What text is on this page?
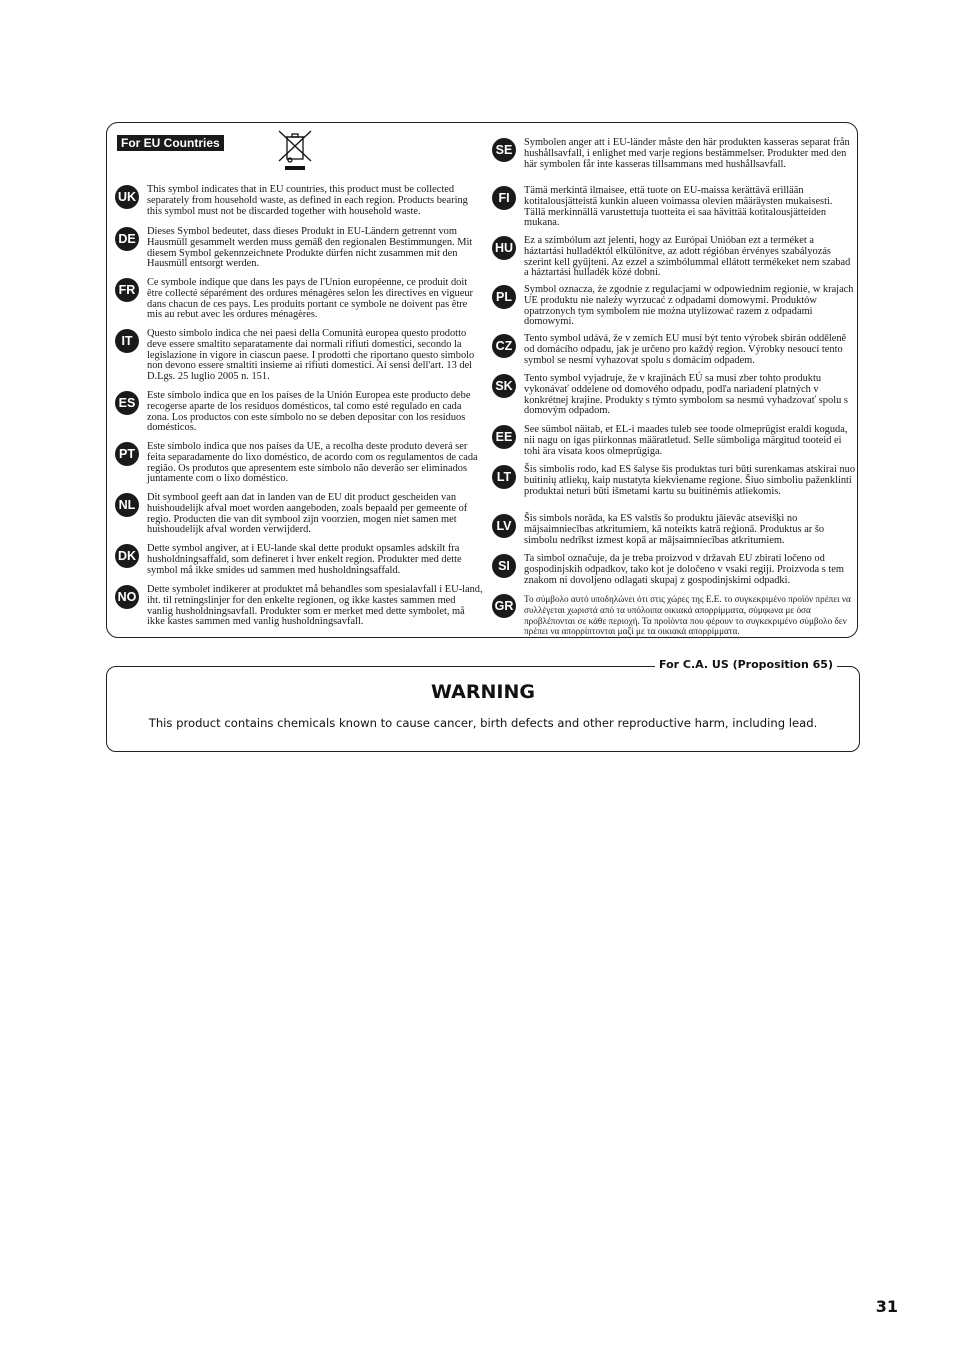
For EU Countries
UK
This symbol indicates that in EU countries, this product must be collected separately from household waste, as defined in each region. Products bearing this symbol must not be discarded together with household waste.
DE
Dieses Symbol bedeutet, dass dieses Produkt in EU-Ländern getrennt vom Hausmüll gesammelt werden muss gemäß den regionalen Bestimmungen. Mit diesem Symbol gekennzeichnete Produkte dürfen nicht zusammen mit den Hausmüll entsorgt werden.
FR
Ce symbole indique que dans les pays de l'Union européenne, ce produit doit être collecté séparément des ordures ménagères selon les directives en vigueur dans chacun de ces pays. Les produits portant ce symbole ne doivent pas être mis au rebut avec les ordures ménagères.
IT
Questo simbolo indica che nei paesi della Comunità europea questo prodotto deve essere smaltito separatamente dai normali rifiuti domestici, secondo la legislazione in vigore in ciascun paese. I prodotti che riportano questo simbolo non devono essere smaltiti insieme ai rifiuti domestici. Ai sensi dell'art. 13 del D.Lgs. 25 luglio 2005 n. 151.
ES
Este símbolo indica que en los países de la Unión Europea este producto debe recogerse aparte de los residuos domésticos, tal como esté regulado en cada zona. Los productos con este símbolo no se deben depositar con los residuos domésticos.
PT
Este símbolo indica que nos países da UE, a recolha deste produto deverá ser feita separadamente do lixo doméstico, de acordo com os regulamentos de cada região. Os produtos que apresentem este símbolo não deverão ser eliminados juntamente com o lixo doméstico.
NL
Dit symbool geeft aan dat in landen van de EU dit product gescheiden van huishoudelijk afval moet worden aangeboden, zoals bepaald per gemeente of regio. Producten die van dit symbool zijn voorzien, mogen niet samen met huishoudelijk afval worden verwijderd.
DK
Dette symbol angiver, at i EU-lande skal dette produkt opsamles adskilt fra husholdningsaffald, som defineret i hver enkelt region. Produkter med dette symbol må ikke smides ud sammen med husholdningsaffald.
NO
Dette symbolet indikerer at produktet må behandles som spesialavfall i EU-land, iht. til retningslinjer for den enkelte regionen, og ikke kastes sammen med vanlig husholdningsavfall. Produkter som er merket med dette symbolet, må ikke kastes sammen med vanlig husholdningsavfall.
SE
Symbolen anger att i EU-länder måste den här produkten kasseras separat från hushållsavfall, i enlighet med varje regions bestämmelser. Produkter med den här symbolen får inte kasseras tillsammans med hushållsavfall.
FI
Tämä merkintä ilmaisee, että tuote on EU-maissa kerättävä erillään kotitalousjätteistä kunkin alueen voimassa olevien määräysten mukaisesti. Tällä merkinnällä varustettuja tuotteita ei saa hävittää kotitalousjätteiden mukana.
HU
Ez a szimbólum azt jelenti, hogy az Európai Unióban ezt a terméket a háztartási hulladéktól elkülönítve, az adott régióban érvényes szabályozás szerint kell gyűjteni. Az ezzel a szimbólummal ellátott termékeket nem szabad a háztartási hulladék közé dobni.
PL
Symbol oznacza, że zgodnie z regulacjami w odpowiednim regionie, w krajach UE produktu nie należy wyrzucać z odpadami domowymi. Produktów opatrzonych tym symbolem nie można utylizować razem z odpadami domowymi.
CZ
Tento symbol udává, že v zemích EU musí být tento výrobek sbírán odděleně od domácího odpadu, jak je určeno pro každý region. Výrobky nesoucí tento symbol se nesmí vyhazovat spolu s domácím odpadem.
SK
Tento symbol vyjadruje, že v krajinách EÚ sa musí zber tohto produktu vykonávať oddelene od domového odpadu, podľa nariadení platných v konkrétnej krajine. Produkty s týmto symbolom sa nesmú vyhadzovať spolu s domovým odpadom.
EE
See sümbol näitab, et EL-i maades tuleb see toode olmeprügist eraldi koguda, nii nagu on igas piirkonnas määratletud. Selle sümboliga märgitud tooteid ei tohi ära visata koos olmeprügiga.
LT
Šis simbolis rodo, kad ES šalyse šis produktas turi būti surenkamas atskirai nuo buitinių atliekų, kaip nustatyta kiekviename regione. Šiuo simboliu paženklinti produktai neturi būti išmetami kartu su buitinėmis atliekomis.
LV
Šis simbols norāda, ka ES valstīs šo produktu jāievāc atsevišķi no mājsaimniecības atkritumiem, kā noteikts katrā reģionā. Produktus ar šo simbolu nedrīkst izmest kopā ar mājsaimniecības atkritumiem.
SI
Ta simbol označuje, da je treba proizvod v državah EU zbirati ločeno od gospodinjskih odpadkov, tako kot je določeno v vsaki regiji. Proizvoda s tem znakom ni dovoljeno odlagati skupaj z gospodinjskimi odpadki.
GR Το σύμβολο αυτό υποδηλώνει ότι στις χώρες της Ε.Ε. το συγκεκριμένο προϊόν πρέπει να συλλέγεται χωριστά από τα υπόλοιπα οικιακά απορρίμματα, σύμφωνα με όσα προβλέπονται σε κάθε περιοχή. Τα προϊόντα που φέρουν το συγκεκριμένο σύμβολο δεν πρέπει να απορρίπτονται μαζί με τα οικιακά απορρίμματα.
For C.A. US (Proposition 65)
WARNING
This product contains chemicals known to cause cancer, birth defects and other reproductive harm, including lead.
31
